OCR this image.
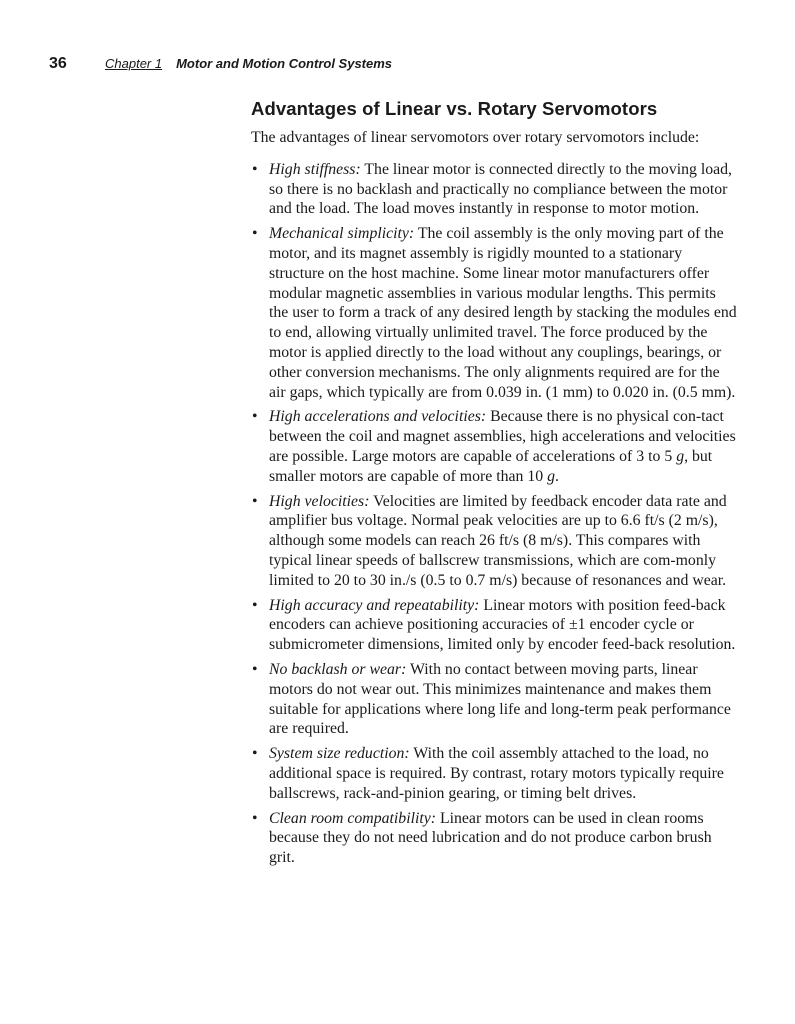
36	Chapter 1 Motor and Motion Control Systems
Advantages of Linear vs. Rotary Servomotors

The advantages of linear servomotors over rotary servomotors include:

• High stiffness: The linear motor is connected directly to the moving load, so there is no backlash and practically no compliance between the motor and the load. The load moves instantly in response to motor motion.
• Mechanical simplicity: The coil assembly is the only moving part of the motor, and its magnet assembly is rigidly mounted to a stationary structure on the host machine. Some linear motor manufacturers offer modular magnetic assemblies in various modular lengths. This permits the user to form a track of any desired length by stacking the modules end to end, allowing virtually unlimited travel. The force produced by the motor is applied directly to the load without any couplings, bearings, or other conversion mechanisms. The only alignments required are for the air gaps, which typically are from 0.039 in. (1 mm) to 0.020 in. (0.5 mm).
• High accelerations and velocities: Because there is no physical con-tact between the coil and magnet assemblies, high accelerations and velocities are possible. Large motors are capable of accelerations of 3 to 5 g, but smaller motors are capable of more than 10 g.
• High velocities: Velocities are limited by feedback encoder data rate and amplifier bus voltage. Normal peak velocities are up to 6.6 ft/s (2 m/s), although some models can reach 26 ft/s (8 m/s). This compares with typical linear speeds of ballscrew transmissions, which are com-monly limited to 20 to 30 in./s (0.5 to 0.7 m/s) because of resonances and wear.
• High accuracy and repeatability: Linear motors with position feed-back encoders can achieve positioning accuracies of ±1 encoder cycle or submicrometer dimensions, limited only by encoder feed-back resolution.
• No backlash or wear: With no contact between moving parts, linear motors do not wear out. This minimizes maintenance and makes them suitable for applications where long life and long-term peak performance are required.
• System size reduction: With the coil assembly attached to the load, no additional space is required. By contrast, rotary motors typically require ballscrews, rack-and-pinion gearing, or timing belt drives.
• Clean room compatibility: Linear motors can be used in clean rooms because they do not need lubrication and do not produce carbon brush grit.
